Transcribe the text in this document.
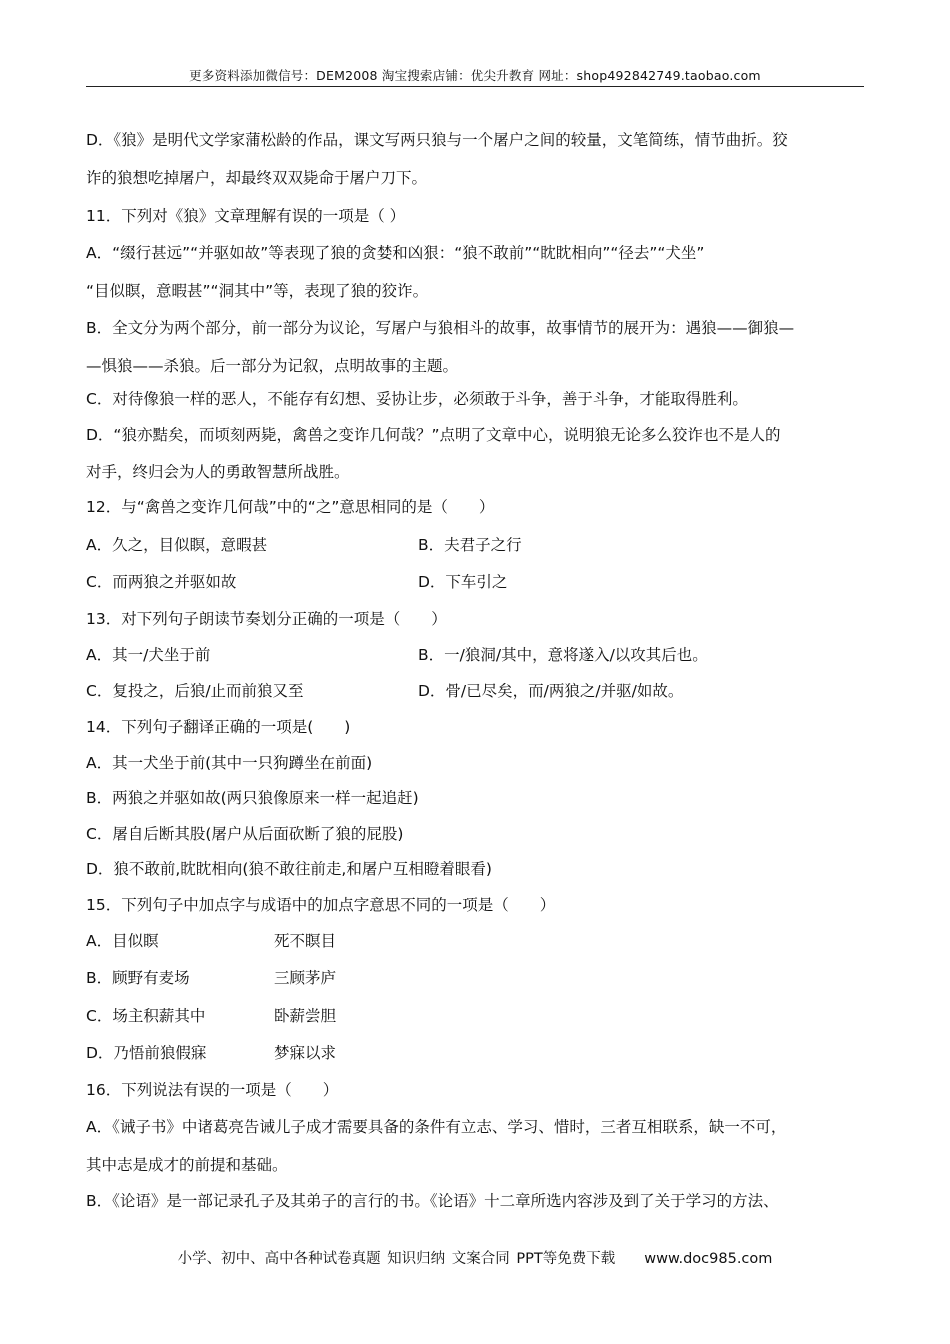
更多资料添加微信号：DEM2008 淘宝搜索店铺：优尖升教育 网址：shop492842749.taobao.com
D．《狼》是明代文学家蒲松龄的作品，课文写两只狼与一个屠户之间的较量，文笔简练，情节曲折。狡
诈的狼想吃掉屠户，却最终双双毙命于屠户刀下。
11．下列对《狼》文章理解有误的一项是（ ）
A．“缀行甚远”“并驱如故”等表现了狼的贪婪和凶狠：“狼不敢前”“眈眈相向”“径去”“犬坐”
“目似瞑，意暇甚”“洞其中”等，表现了狼的狡诈。
B．全文分为两个部分，前一部分为议论，写屠户与狼相斗的故事，故事情节的展开为：遇狼——御狼—
—惧狼——杀狼。后一部分为记叙，点明故事的主题。
C．对待像狼一样的恶人，不能存有幻想、妥协让步，必须敢于斗争，善于斗争，才能取得胜利。
D．“狼亦黠矣，而顷刻两毙，禽兽之变诈几何哉？”点明了文章中心，说明狼无论多么狡诈也不是人的
对手，终归会为人的勇敢智慧所战胜。
12．与“禽兽之变诈几何哉”中的“之”意思相同的是（　　）
A．久之，目似瞑，意暇甚	B．夫君子之行
C．而两狼之并驱如故	D．下车引之
13．对下列句子朗读节奏划分正确的一项是（　　）
A．其一/犬坐于前	B．一/狼洞/其中，意将遂入/以攻其后也。
C．复投之，后狼/止而前狼又至	D．骨/已尽矣，而/两狼之/并驱/如故。
14．下列句子翻译正确的一项是(　　)
A．其一犬坐于前(其中一只狗蹲坐在前面)
B．两狼之并驱如故(两只狼像原来一样一起追赶)
C．屠自后断其股(屠户从后面砍断了狼的屁股)
D．狼不敢前,眈眈相向(狼不敢往前走,和屠户互相瞪着眼看)
15．下列句子中加点字与成语中的加点字意思不同的一项是（　　）
A．目似瞑	死不瞑目
B．顾野有麦场	三顾茅庐
C．场主积薪其中	卧薪尝胆
D．乃悟前狼假寐	梦寐以求
16．下列说法有误的一项是（　　）
A．《诫子书》中诸葛亮告诫儿子成才需要具备的条件有立志、学习、惜时，三者互相联系，缺一不可，
其中志是成才的前提和基础。
B．《论语》是一部记录孔子及其弟子的言行的书。《论语》十二章所选内容涉及到了关于学习的方法、
小学、初中、高中各种试卷真题 知识归纳 文案合同 PPT等免费下载　　www.doc985.com
